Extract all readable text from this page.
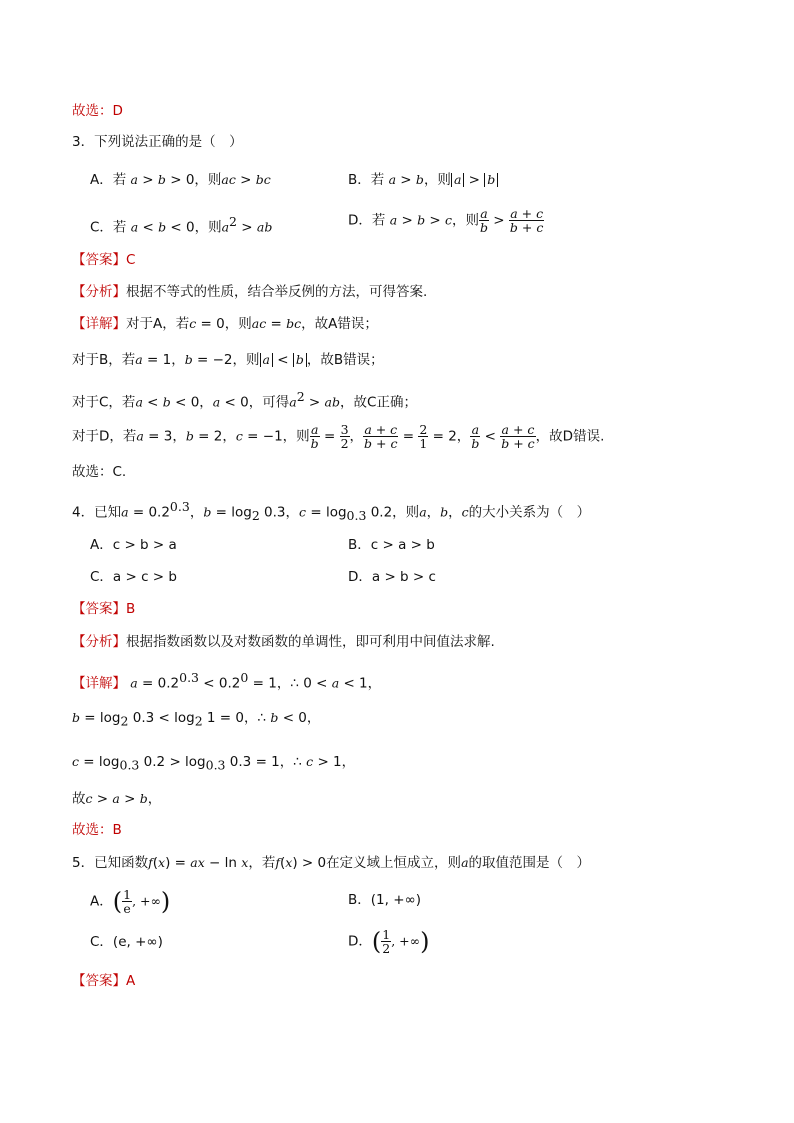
故选：D
3．下列说法正确的是（　）
A．若 a > b > 0，则ac > bc	B．若 a > b，则 a > b
C．若 a < b < 0，则$a^2$ > ab	D．若 a > b > c，则 $\frac{a}{b} > \frac{a + c}{b + c}$
【答案】C
【分析】根据不等式的性质，结合举反例的方法，可得答案.
【详解】对于A，若c = 0，则ac = bc，故A错误；
对于B，若a = 1，b = −2，则 a < b ，故B错误；
对于C，若a < b < 0，a < 0，可得$a^2$ > ab，故C正确；
对于D，若a = 3，b = 2，c = −1，则 $\frac{a}{b} = \frac{3}{2}$ ， $\frac{a + c}{b + c} = \frac{2}{1} = 2$， $\frac{a}{b} < \frac{a + c}{b + c}$ ，故D错误.
故选：C.
4．已知$a = 0.2^{0.3}$，$b = \log_2 0.3$，$c = \log_{0.3} 0.2$，则a，b，c的大小关系为（　）
A．c > b > a	B．c > a > b
C．a > c > b	D．a > b > c
【答案】B
【分析】根据指数函数以及对数函数的单调性，即可利用中间值法求解.
【详解】 $a = 0.2^{0.3} < 0.2^0 = 1$，∴ 0 < a < 1，
$b = \log_2 0.3 < \log_2 1 = 0$，∴ b < 0，
$c = \log_{0.3} 0.2 > \log_{0.3} 0.3 = 1$，∴ c > 1，
故c > a > b，
故选：B
5．已知函数f(x) = ax − ln x，若f(x) > 0在定义域上恒成立，则a的取值范围是（　）
A．( $\frac{1}{e}$ , +∞)	B．(1, +∞)
C．(e, +∞)	D．( $\frac{1}{2}$ , +∞)
【答案】A
